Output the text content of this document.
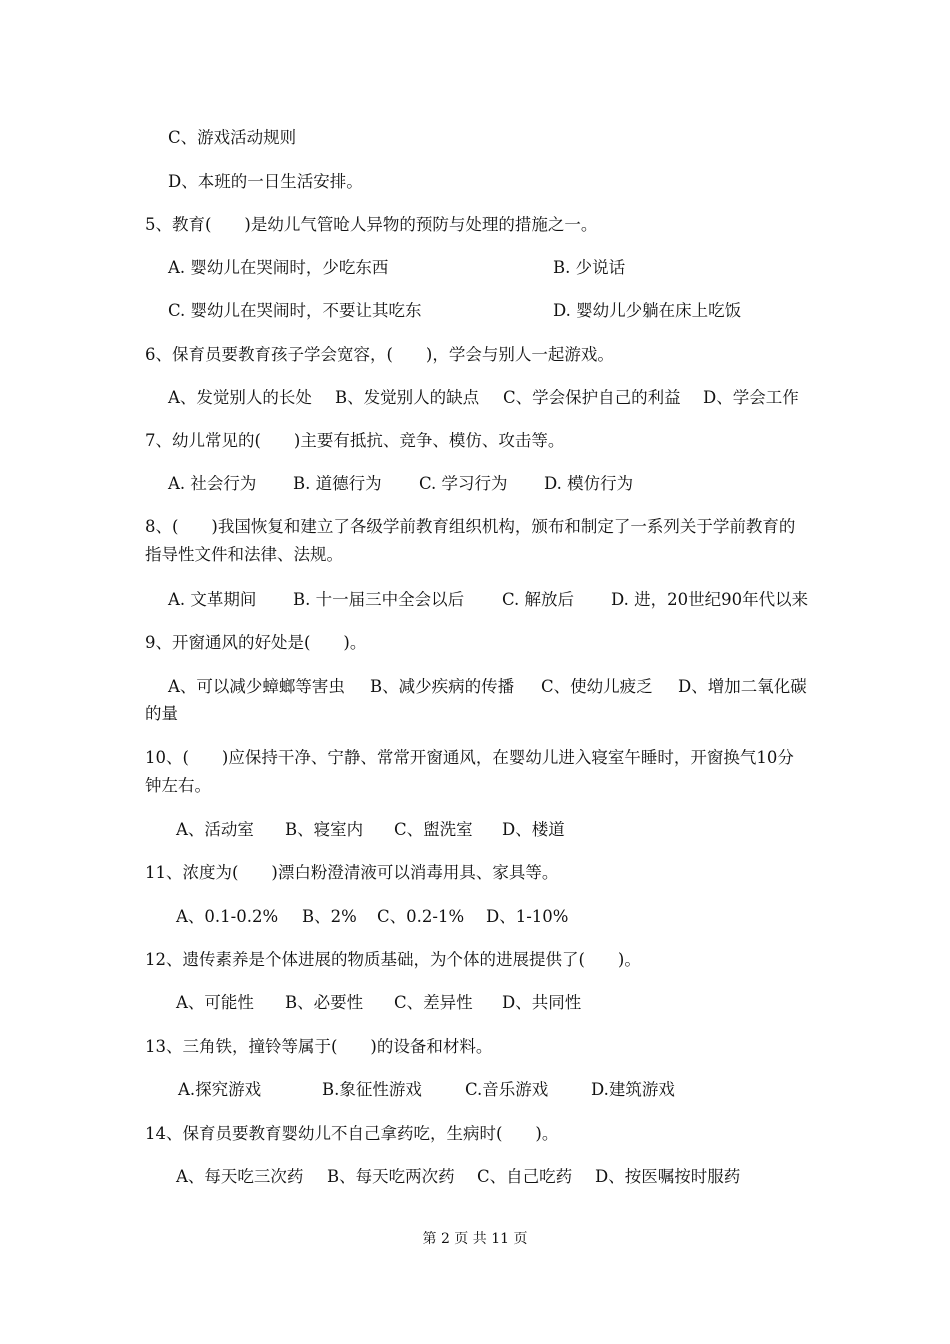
C、游戏活动规则
D、本班的一日生活安排。
5、教育(　　)是幼儿气管呛人异物的预防与处理的措施之一。
A. 婴幼儿在哭闹时，少吃东西	B. 少说话
C. 婴幼儿在哭闹时，不要让其吃东	D. 婴幼儿少躺在床上吃饭
6、保育员要教育孩子学会宽容，(　　)，学会与别人一起游戏。
A、发觉别人的长处 B、发觉别人的缺点 C、学会保护自己的利益 D、学会工作
7、幼儿常见的(　　)主要有抵抗、竞争、模仿、攻击等。
A. 社会行为 B. 道德行为 C. 学习行为 D. 模仿行为
8、(　　)我国恢复和建立了各级学前教育组织机构，颁布和制定了一系列关于学前教育的
指导性文件和法律、法规。
A. 文革期间 B. 十一届三中全会以后 C. 解放后 D. 进，20世纪90年代以来
9、开窗通风的好处是(　　)。
A、可以减少蟑螂等害虫 B、减少疾病的传播 C、使幼儿疲乏 D、增加二氧化碳
的量
10、(　　)应保持干净、宁静、常常开窗通风，在婴幼儿进入寝室午睡时，开窗换气10分
钟左右。
A、活动室 B、寝室内 C、盥洗室 D、楼道
11、浓度为(　　)漂白粉澄清液可以消毒用具、家具等。
A、0.1-0.2% B、2% C、0.2-1% D、1-10%
12、遗传素养是个体进展的物质基础，为个体的进展提供了(　　)。
A、可能性 B、必要性 C、差异性 D、共同性
13、三角铁，撞铃等属于(　　)的设备和材料。
A.探究游戏	B.象征性游戏	C.音乐游戏	D.建筑游戏
14、保育员要教育婴幼儿不自己拿药吃，生病时(　　)。
A、每天吃三次药 B、每天吃两次药 C、自己吃药 D、按医嘱按时服药
第 2 页 共 11 页
